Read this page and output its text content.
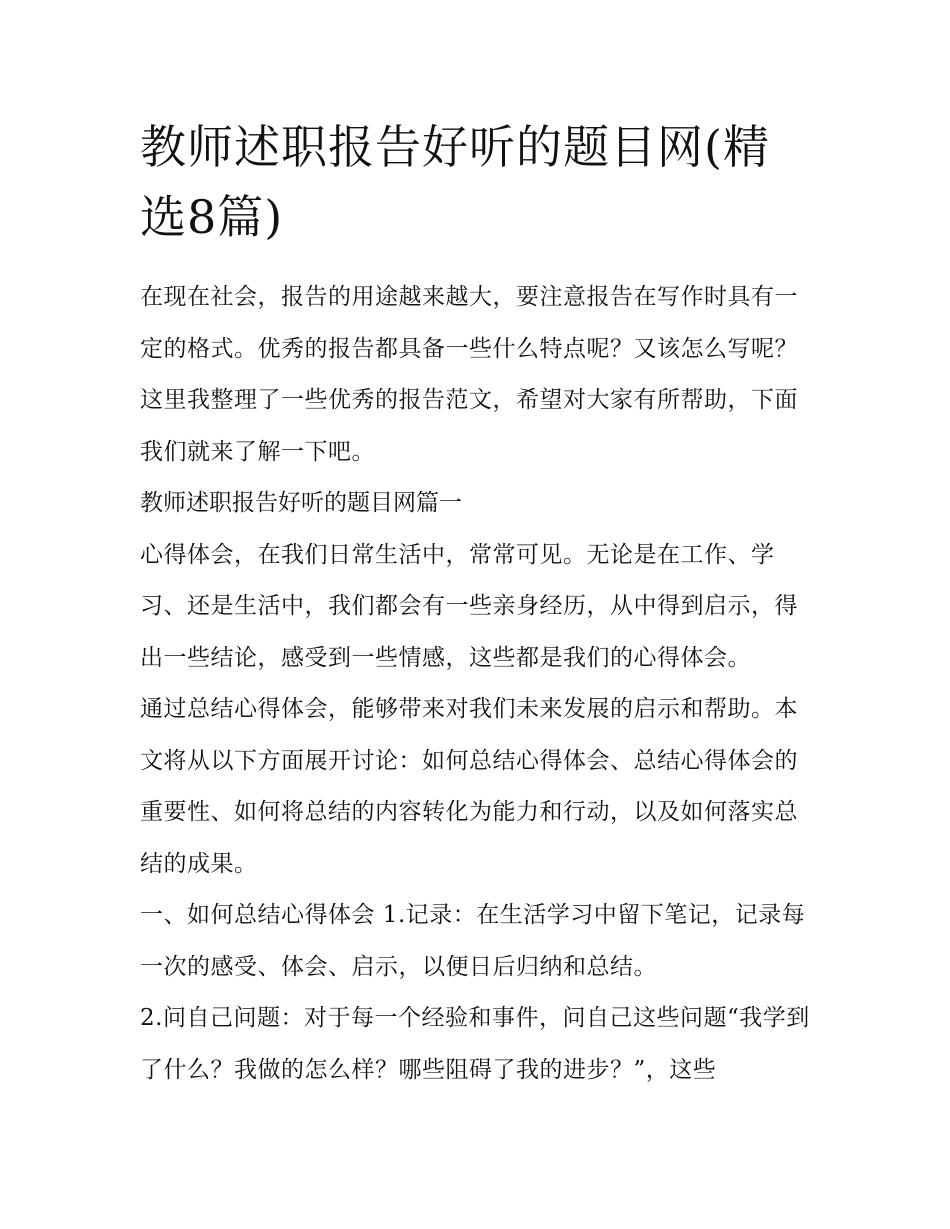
教师述职报告好听的题目网(精选8篇)

在现在社会，报告的用途越来越大，要注意报告在写作时具有一定的格式。优秀的报告都具备一些什么特点呢？又该怎么写呢？这里我整理了一些优秀的报告范文，希望对大家有所帮助，下面我们就来了解一下吧。

教师述职报告好听的题目网篇一

心得体会，在我们日常生活中，常常可见。无论是在工作、学习、还是生活中，我们都会有一些亲身经历，从中得到启示，得出一些结论，感受到一些情感，这些都是我们的心得体会。

通过总结心得体会，能够带来对我们未来发展的启示和帮助。本文将从以下方面展开讨论：如何总结心得体会、总结心得体会的重要性、如何将总结的内容转化为能力和行动，以及如何落实总结的成果。

一、如何总结心得体会 1.记录：在生活学习中留下笔记，记录每一次的感受、体会、启示，以便日后归纳和总结。

2.问自己问题：对于每一个经验和事件，问自己这些问题“我学到了什么？我做的怎么样？哪些阻碍了我的进步？”，这些
